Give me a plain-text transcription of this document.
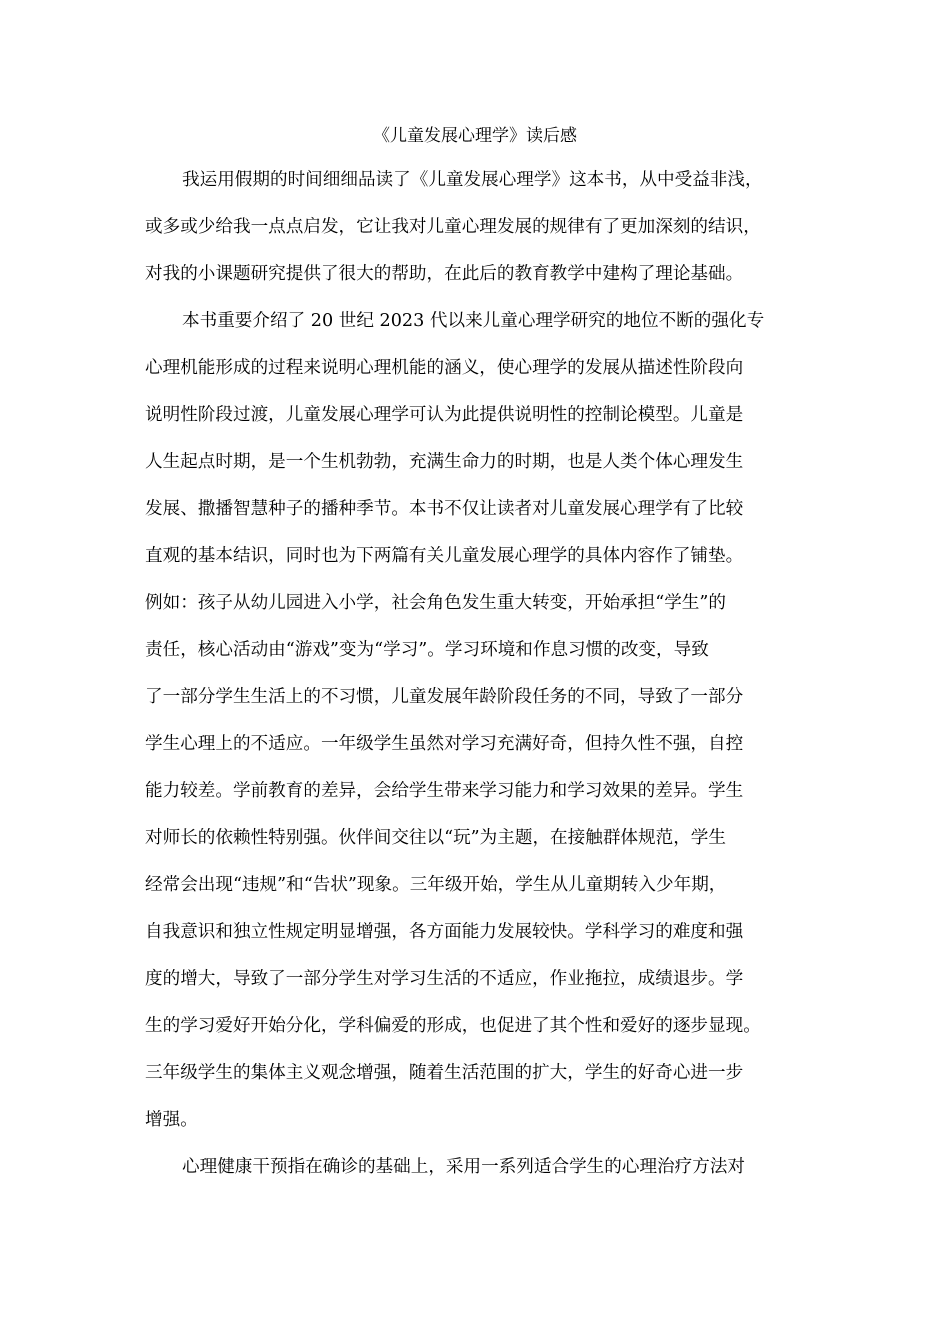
《儿童发展心理学》读后感
我运用假期的时间细细品读了《儿童发展心理学》这本书，从中受益非浅，
或多或少给我一点点启发，它让我对儿童心理发展的规律有了更加深刻的结识，
对我的小课题研究提供了很大的帮助，在此后的教育教学中建构了理论基础。
本书重要介绍了 20 世纪 2023 代以来儿童心理学研究的地位不断的强化专
心理机能形成的过程来说明心理机能的涵义，使心理学的发展从描述性阶段向
说明性阶段过渡，儿童发展心理学可认为此提供说明性的控制论模型。儿童是
人生起点时期，是一个生机勃勃，充满生命力的时期，也是人类个体心理发生
发展、撒播智慧种子的播种季节。本书不仅让读者对儿童发展心理学有了比较
直观的基本结识，同时也为下两篇有关儿童发展心理学的具体内容作了铺垫。
例如：孩子从幼儿园进入小学，社会角色发生重大转变，开始承担“学生”的
责任，核心活动由“游戏”变为“学习”。学习环境和作息习惯的改变，导致
了一部分学生生活上的不习惯，儿童发展年龄阶段任务的不同，导致了一部分
学生心理上的不适应。一年级学生虽然对学习充满好奇，但持久性不强，自控
能力较差。学前教育的差异，会给学生带来学习能力和学习效果的差异。学生
对师长的依赖性特别强。伙伴间交往以“玩”为主题，在接触群体规范，学生
经常会出现“违规”和“告状”现象。三年级开始，学生从儿童期转入少年期，
自我意识和独立性规定明显增强，各方面能力发展较快。学科学习的难度和强
度的增大，导致了一部分学生对学习生活的不适应，作业拖拉，成绩退步。学
生的学习爱好开始分化，学科偏爱的形成，也促进了其个性和爱好的逐步显现。
三年级学生的集体主义观念增强，随着生活范围的扩大，学生的好奇心进一步
增强。
心理健康干预指在确诊的基础上，采用一系列适合学生的心理治疗方法对
